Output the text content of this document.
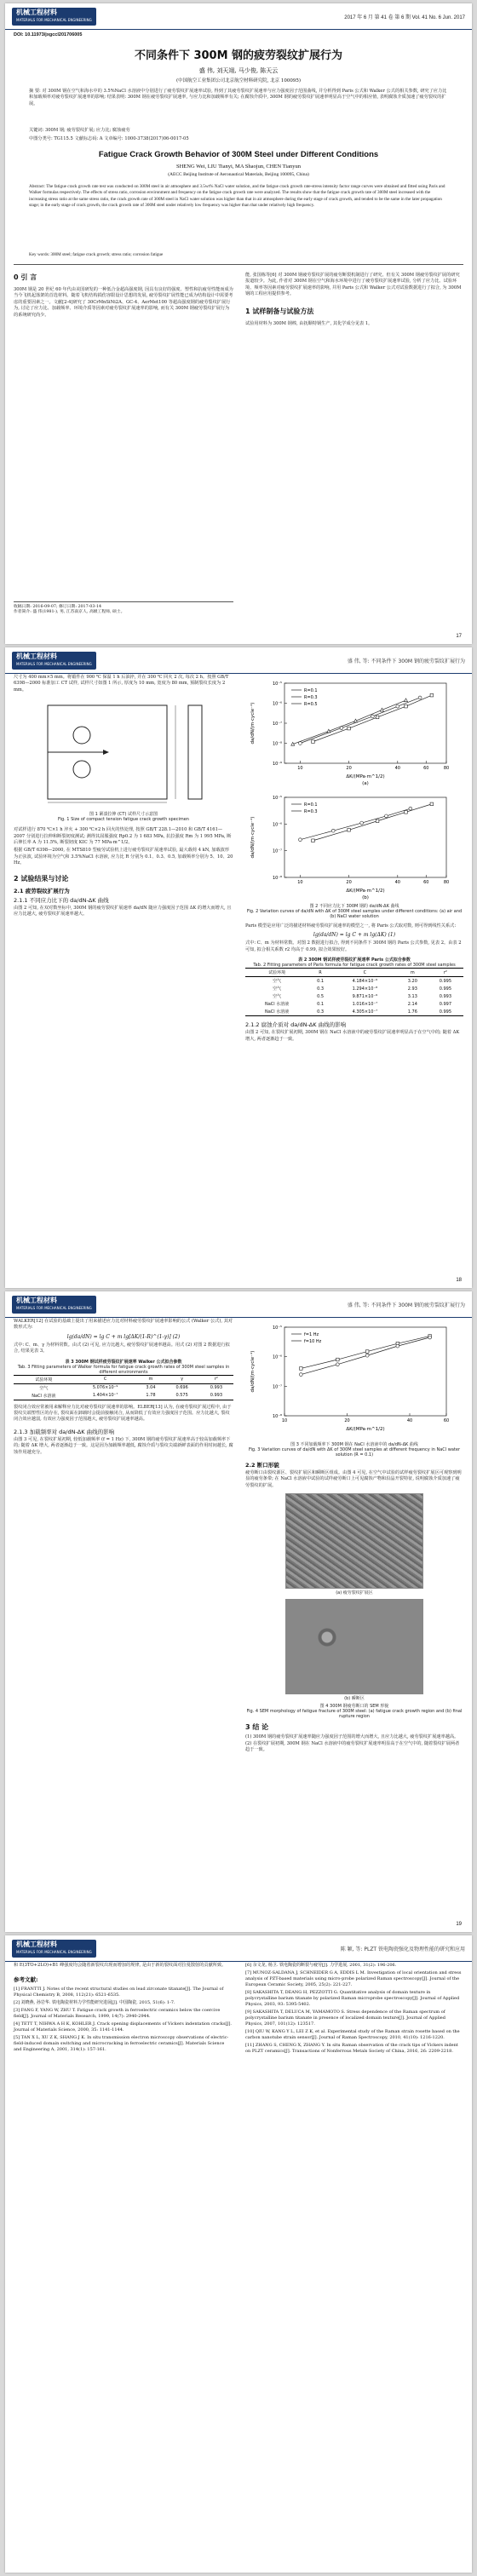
机械工程材料
MATERIALS FOR MECHANICAL ENGINEERING	2017 年 6 月 第 41 卷 第 6 期 Vol. 41 No. 6 Jun. 2017
DOI: 10.11973/jxgccl201706005
不同条件下 300M 钢的疲劳裂纹扩展行为
盛 伟, 刘天翊, 马少俊, 陈天云
(中国航空工业集团公司北京航空材料研究院, 北京 100095)
摘 要: 对 300M 钢在空气和海水中的 3.5%NaCl 水溶液中分别进行了疲劳裂纹扩展速率试验, 得到了其疲劳裂纹扩展速率与应力强度因子范围曲线, 并分析得到 Paris 公式和 Walker 公式的相关参数, 研究了应力比和加载频率对疲劳裂纹扩展速率的影响; 结果表明: 300M 钢在疲劳裂纹扩展速率, 与应力比和加载频率有关; 在腐蚀介质中, 300M 钢的疲劳裂纹扩展速率明显高于空气中的相应值, 表明腐蚀介质加速了疲劳裂纹的扩展。
关键词: 300M 钢; 疲劳裂纹扩展; 应力比; 腐蚀疲劳
中图分类号: TG115.5 文献标志码: A 文章编号: 1000-3738(2017)06-0017-05
Fatigue Crack Growth Behavior of 300M Steel under Different Conditions
SHENG Wei, LIU Tianyi, MA Shaojun, CHEN Tianyun
(AECC Beijing Institute of Aeronautical Materials, Beijing 100095, China)
Abstract: The fatigue crack growth rate test was conducted on 300M steel in air atmosphere and 3.5wt% NaCl water solution, and the fatigue crack growth rate-stress intensity factor range curves were obtained and fitted using Paris and Walker formulas respectively. The effects of stress ratio, corrosion environment and frequency on the fatigue crack growth rate were analyzed. The results show that the fatigue crack growth rate of 300M steel increased with the increasing stress ratio at the same stress ratio, the crack growth rate of 300M steel in NaCl water solution was higher than that in air atmosphere during the early stage of crack growth, and tended to be the same in the later propagation stage; in the early stage of crack growth, the crack growth rate of 300M steel under relatively low frequency was higher than that under relatively high frequency.
Key words: 300M steel; fatigue crack growth; stress ratio; corrosion fatigue
0 引 言
300M 钢是 20 世纪 60 年代由美国研发的一种低合金超高强度钢, 因具有良好的强度、塑性和抗疲劳性能而成为当今飞机起落架的首选材料。随着飞机结构损伤容限设计思想的发展, 疲劳裂纹扩展性能已成为结构设计中需要考虑的重要因素之一。文献[2-4]研究了 30CrMnSiNi2A、GC-4、AerMet100 等超高强度钢的疲劳裂纹扩展行为, 讨论了应力比、加载频率、环境介质等因素对疲劳裂纹扩展速率的影响, 而有关 300M 钢疲劳裂纹扩展行为的系统研究尚少。
收稿日期: 2016-09-07; 修订日期: 2017-03-14
作者简介: 盛 伟(1981-), 男, 江苏南京人, 高级工程师, 硕士。
能, 张国栋等[6] 对 300M 钢疲劳裂纹扩展的疲劳断裂机制进行了研究。但有关 300M 钢疲劳裂纹扩展的研究报道较少。为此, 作者对 300M 钢在空气和海水环境中进行了疲劳裂纹扩展速率试验, 分析了应力比、试验环境、频率等因素对疲劳裂纹扩展速率的影响, 并用 Paris 公式和 Walker 公式对试验数据进行了拟合, 为 300M 钢的工程应用提供参考。
1 试样制备与试验方法
试验用材料为 300M 钢棒, 由抚顺特钢生产, 其化学成分见表 1。
17
机械工程材料
MATERIALS FOR MECHANICAL ENGINEERING	盛 伟, 等: 不同条件下 300M 钢的疲劳裂纹扩展行为
尺寸为 400 mm×5 mm。将锻件在 900 ℃ 保温 1 h 后油淬, 并在 300 ℃ 回火 2 次, 每次 2 h。按照 GB/T 6398—2000 标准加工 CT 试样, 试样尺寸如图 1 所示, 厚度为 10 mm, 宽度为 80 mm, 预制裂纹长度为 2 mm。
图 1 紧凑拉伸 (CT) 试样尺寸示意图
Fig. 1 Size of compact tension fatigue crack growth specimen
对试样进行 870 ℃×1 h 淬火 + 300 ℃×2 h 回火的热处理, 按照 GB/T 228.1—2010 和 GB/T 4161—2007 分别进行拉伸和断裂韧度测试; 测得其屈服强度 Rp0.2 为 1 683 MPa, 抗拉强度 Rm 为 1 995 MPa, 断后伸长率 A 为 11.5%, 断裂韧度 KIC 为 77 MPa·m^1/2。
根据 GB/T 6398—2000, 在 MTS810 型疲劳试验机上进行疲劳裂纹扩展速率试验, 最大载荷 4 kN, 加载波形为正弦波, 试验环境为空气和 3.5%NaCl 水溶液, 应力比 R 分别为 0.1、0.3、0.5, 加载频率分别为 5、10、20 Hz。
2 试验结果与讨论
2.1 疲劳裂纹扩展行为
2.1.1 不同应力比下的 da/dN-ΔK 曲线
由图 2 可知, 在双对数坐标中, 300M 钢的疲劳裂纹扩展速率 da/dN 随应力强度因子范围 ΔK 的增大而增大, 且应力比越大, 疲劳裂纹扩展速率越大。
10⁻⁹
10⁻⁸
10⁻⁷
10⁻⁶
10⁻⁵
10	20	40	60	80
ΔK/(MPa·m^1/2)
da/dN/(m·cycle⁻¹)
(a)
R=0.1
R=0.3
R=0.5

10⁻⁸
10⁻⁷
10⁻⁶
10⁻⁵
10	20	40	60	80
ΔK/(MPa·m^1/2)
da/dN/(m·cycle⁻¹)
(b)
R=0.1
R=0.3
图 2 不同应力比下 300M 钢的 da/dN-ΔK 曲线
Fig. 2 Variation curves of da/dN with ΔK of 300M steel samples under different conditions: (a) air and (b) NaCl water solution
Paris 模型是应用广泛的描述材料疲劳裂纹扩展速率的模型之一, 将 Paris 公式取对数, 则可得到线性关系式:
lg(da/dN) = lg C + m lg(ΔK) (1)
式中: C、m 为材料常数。对图 2 数据进行拟合, 得到不同条件下 300M 钢的 Paris 公式参数, 见表 2。由表 2 可知, 拟合相关系数 r2 均高于 0.99, 拟合效果较好。
表 2 300M 钢试样疲劳裂纹扩展速率 Paris 公式拟合参数
Tab. 2 Fitting parameters of Paris formula for fatigue crack growth rates of 300M steel samples
试验环境	R	C	m	r²
空气	0.1	4.184×10⁻⁹	3.20	0.995
空气	0.3	1.294×10⁻⁸	2.93	0.995
空气	0.5	9.871×10⁻⁹	3.13	0.993
NaCl 水溶液	0.1	1.016×10⁻⁷	2.14	0.997
NaCl 水溶液	0.3	4.305×10⁻⁷	1.76	0.995
2.1.2 腐蚀介质对 da/dN-ΔK 曲线的影响
由图 2 可知, 在裂纹扩展初期, 300M 钢在 NaCl 水溶液中的疲劳裂纹扩展速率明显高于在空气中的; 随着 ΔK 增大, 两者逐渐趋于一致。
18
机械工程材料
MATERIALS FOR MECHANICAL ENGINEERING	盛 伟, 等: 不同条件下 300M 钢的疲劳裂纹扩展行为
WALKER[12] 在试验的基础上提出了用来描述应力比对材料疲劳裂纹扩展速率影响的公式 (Walker 公式), 其对数形式为:
lg(da/dN) = lg C + m lg[ΔK/(1-R)^(1-γ)] (2)
式中: C、m、γ 为材料常数。由式 (2) 可见, 应力比越大, 疲劳裂纹扩展速率越高。用式 (2) 对图 2 数据进行拟合, 结果见表 3。
表 3 300M 钢试样疲劳裂纹扩展速率 Walker 公式拟合参数
Tab. 3 Fitting parameters of Walker formula for fatigue crack growth rates of 300M steel samples in different environments
试验环境	C	m	γ	r²
空气	5.076×10⁻⁹	3.04	0.696	0.993
NaCl 水溶液	1.404×10⁻⁷	1.78	0.575	0.993
裂纹闭合效应常被用来解释应力比对疲劳裂纹扩展速率的影响。ELBER[13] 认为, 在疲劳裂纹扩展过程中, 由于裂纹尖端塑性区的存在, 裂纹面在卸载时会提前接触闭合, 从而降低了有效应力强度因子范围。应力比越大, 裂纹闭合效应越弱, 有效应力强度因子范围越大, 疲劳裂纹扩展速率越高。
2.1.3 加载频率对 da/dN-ΔK 曲线的影响
由图 3 可见, 在裂纹扩展初期, 较低加载频率 (f = 1 Hz) 下, 300M 钢的疲劳裂纹扩展速率高于较高加载频率下的; 随着 ΔK 增大, 两者逐渐趋于一致。这是因为加载频率越低, 腐蚀介质与裂纹尖端新鲜表面的作用时间越长, 腐蚀作用越充分。
10⁻⁸
10⁻⁷
10⁻⁶
10⁻⁵
10	20	40	60
ΔK/(MPa·m^1/2)
da/dN/(m·cycle⁻¹)
f=1 Hz
f=10 Hz
图 3 不同加载频率下 300M 钢在 NaCl 水溶液中的 da/dN-ΔK 曲线
Fig. 3 Variation curves of da/dN with ΔK of 300M steel samples at different frequency in NaCl water solution (R = 0.1)
2.2 断口形貌
疲劳断口由裂纹源区、裂纹扩展区和瞬断区组成。由图 4 可见, 在空气中试验的试样疲劳裂纹扩展区可观察到明显的疲劳条带; 在 NaCl 水溶液中试验的试样疲劳断口上可见腐蚀产物和沿晶开裂特征, 说明腐蚀介质加速了疲劳裂纹的扩展。
(a) 疲劳裂纹扩展区
(b) 瞬断区
图 4 300M 钢疲劳断口的 SEM 形貌
Fig. 4 SEM morphology of fatigue fracture of 300M steel: (a) fatigue crack growth region and (b) final rupture region
3 结 论
(1) 300M 钢的疲劳裂纹扩展速率随应力强度因子范围的增大而增大, 且应力比越大, 疲劳裂纹扩展速率越高。
(2) 在裂纹扩展初期, 300M 钢在 NaCl 水溶液中的疲劳裂纹扩展速率明显高于在空气中的, 随着裂纹扩展两者趋于一致。
19
机械工程材料
MATERIALS FOR MECHANICAL ENGINEERING	陈 颖, 等: PLZT 铁电陶瓷强化及物理性能的研究和应用
和 E(3TO+2LO)+B1 峰强度均会随着新裂纹出现而增加的规律, 是由于新的裂纹面对拉曼散射的贡献所致。
参考文献:
[1] FRANTTI J. Notes of the recent structural studies on lead zirconate titanate[J]. The Journal of Physical Chemistry B, 2008, 112(21): 6521-6535.
[2] 刘晓燕, 孙岩华. 铁电陶瓷材料力学性能研究进展[J]. 中国陶瓷, 2015, 51(6): 1-7.
[3] FANG F, YANG W, ZHU T. Fatigue crack growth in ferroelectric ceramics below the coercive field[J]. Journal of Materials Research, 1999, 14(7): 2940-2944.
[4] TETT T, NIHWA A H K, KOHLER J. Crack opening displacements of Vickers indentation cracks[J]. Journal of Materials Science, 2000, 35: 1141-1144.
[5] TAN X L, XU Z K, SHANG J K. In situ transmission electron microscopy observations of electric-field-induced domain switching and microcracking in ferroelectric ceramics[J]. Materials Science and Engineering A, 2001, 314(1): 157-161.
[6] 余文龙, 杨卫. 铁电陶瓷的断裂与疲劳[J]. 力学进展, 2001, 31(2): 196-206.
[7] MUNOZ-SALDANA J, SCHNEIDER G A, EDDIS L M. Investigation of local orientation and stress analysis of PZT-based materials using micro-probe polarized Raman spectroscopy[J]. Journal of the European Ceramic Society, 2005, 25(2): 221-227.
[8] SAKASHITA T, DEANG H, PEZZOTTI G. Quantitative analysis of domain texture in polycrystalline barium titanate by polarized Raman microprobe spectroscopy[J]. Journal of Applied Physics, 2003, 93: 5395-5402.
[9] SAKASHITA T, DELUCA M, YAMAMOTO S. Stress dependence of the Raman spectrum of polycrystalline barium titanate in presence of localized domain texture[J]. Journal of Applied Physics, 2007, 101(12): 123517.
[10] QIU W, KANG Y L, LEI Z K, et al. Experimental study of the Raman strain rosette based on the carbon nanotube strain sensor[J]. Journal of Raman Spectroscopy, 2010, 41(10): 1216-1220.
[11] ZHANG S, CHENG X, ZHANG Y. In situ Raman observation of the crack tips of Vickers indent on PLZT ceramics[J]. Transactions of Nonferrous Metals Society of China, 2016, 26: 2209-2218.
